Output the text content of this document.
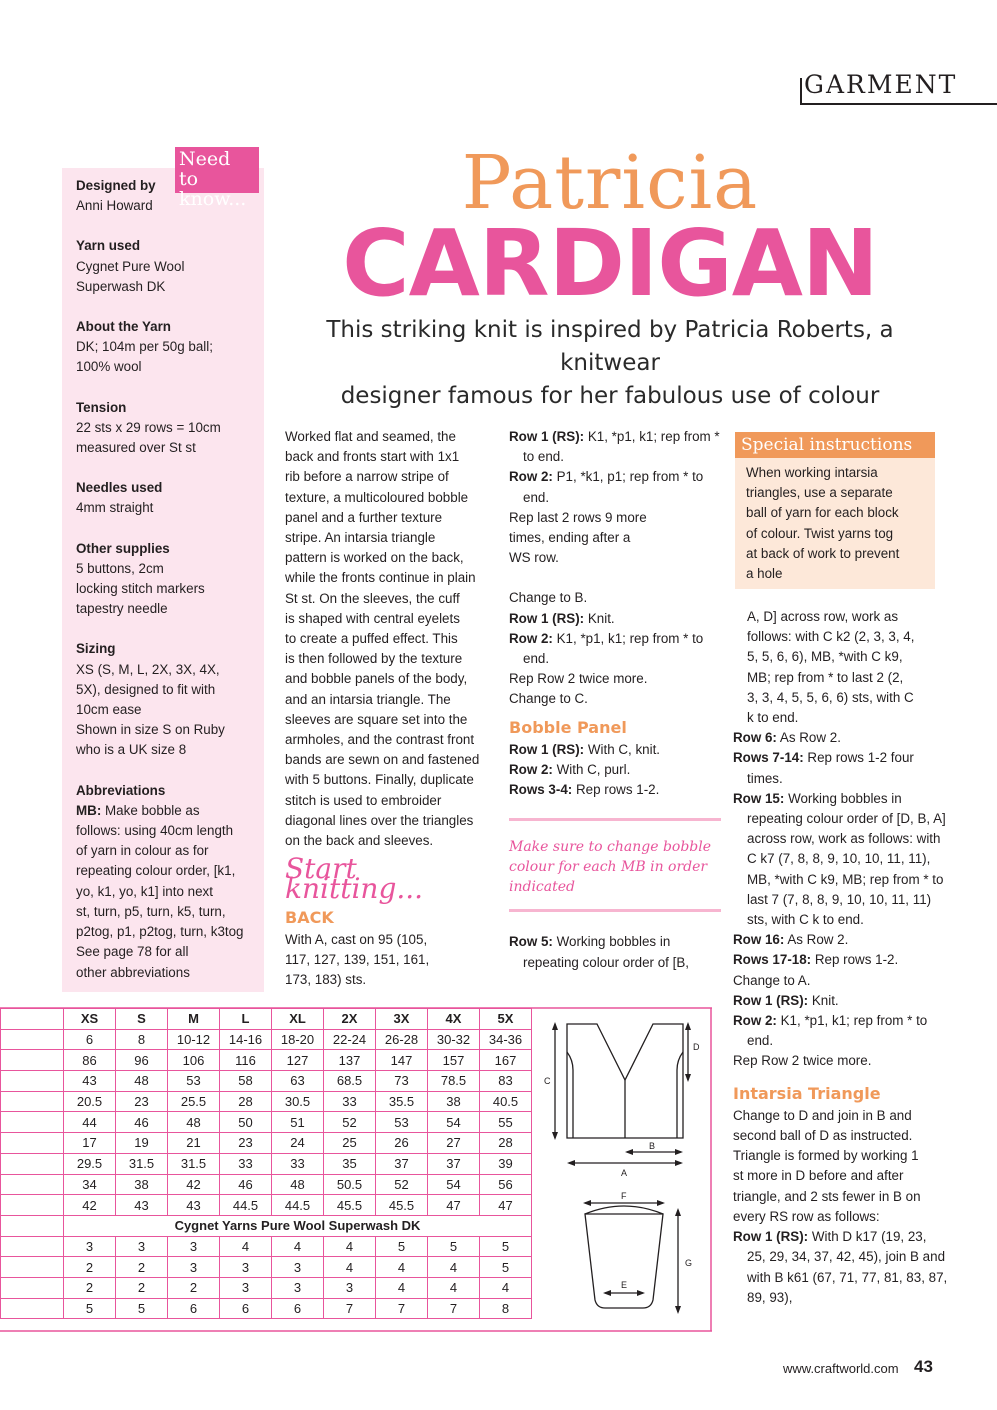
GARMENT
Patricia
CARDIGAN
This striking knit is inspired by Patricia Roberts, a knitwear
designer famous for her fabulous use of colour
Need to
know...
Designed by
Anni Howard
Yarn used
Cygnet Pure Wool
Superwash DK
About the Yarn
DK; 104m per 50g ball;
100% wool
Tension
22 sts x 29 rows = 10cm
measured over St st
Needles used
4mm straight
Other supplies
5 buttons, 2cm
locking stitch markers
tapestry needle
Sizing
XS (S, M, L, 2X, 3X, 4X,
5X), designed to fit with
10cm ease
Shown in size S on Ruby
who is a UK size 8
Abbreviations
MB: Make bobble as
follows: using 40cm length
of yarn in colour as for
repeating colour order, [k1,
yo, k1, yo, k1] into next
st, turn, p5, turn, k5, turn,
p2tog, p1, p2tog, turn, k3tog
See page 78 for all
other abbreviations
Worked flat and seamed, the
back and fronts start with 1x1
rib before a narrow stripe of
texture, a multicoloured bobble
panel and a further texture
stripe. An intarsia triangle
pattern is worked on the back,
while the fronts continue in plain
St st. On the sleeves, the cuff
is shaped with central eyelets
to create a puffed effect. This
is then followed by the texture
and bobble panels of the body,
and an intarsia triangle. The
sleeves are square set into the
armholes, and the contrast front
bands are sewn on and fastened
with 5 buttons. Finally, duplicate
stitch is used to embroider
diagonal lines over the triangles
on the back and sleeves.
Start knitting...
BACK
With A, cast on 95 (105,
117, 127, 139, 151, 161,
173, 183) sts.
Row 1 (RS): K1, *p1, k1; rep from * to end.
Row 2: P1, *k1, p1; rep from * to end.
Rep last 2 rows 9 more
times, ending after a
WS row.
Change to B.
Row 1 (RS): Knit.
Row 2: K1, *p1, k1; rep from * to end.
Rep Row 2 twice more.
Change to C.
Bobble Panel
Row 1 (RS): With C, knit.
Row 2: With C, purl.
Rows 3-4: Rep rows 1-2.
Make sure to change bobble
colour for each MB in order
indicated
Row 5: Working bobbles in repeating colour order of [B,
Special instructions
When working intarsia
triangles, use a separate
ball of yarn for each block
of colour. Twist yarns tog
at back of work to prevent
a hole
A, D] across row, work as
follows: with C k2 (2, 3, 3, 4,
5, 5, 6, 6), MB, *with C k9,
MB; rep from * to last 2 (2,
3, 3, 4, 5, 5, 6, 6) sts, with C
k to end.
Row 6: As Row 2.
Rows 7-14: Rep rows 1-2 four times.
Row 15: Working bobbles in repeating colour order of [D, B, A] across row, work as follows: with C k7 (7, 8, 8, 9, 10, 10, 11, 11), MB, *with C k9, MB; rep from * to last 7 (7, 8, 8, 9, 10, 10, 11, 11) sts, with C k to end.
Row 16: As Row 2.
Rows 17-18: Rep rows 1-2.
Change to A.
Row 1 (RS): Knit.
Row 2: K1, *p1, k1; rep from * to end.
Rep Row 2 twice more.
Intarsia Triangle
Change to D and join in B and
second ball of D as instructed.
Triangle is formed by working 1
st more in D before and after
triangle, and 2 sts fewer in B on
every RS row as follows:
Row 1 (RS): With D k17 (19, 23, 25, 29, 34, 37, 42, 45), join B and with B k61 (67, 71, 77, 81, 83, 87, 89, 93),
	XS	S	M	L	XL	2X	3X	4X	5X
	6	8	10-12	14-16	18-20	22-24	26-28	30-32	34-36
	86	96	106	116	127	137	147	157	167
	43	48	53	58	63	68.5	73	78.5	83
	20.5	23	25.5	28	30.5	33	35.5	38	40.5
	44	46	48	50	51	52	53	54	55
	17	19	21	23	24	25	26	27	28
	29.5	31.5	31.5	33	33	35	37	37	39
	34	38	42	46	48	50.5	52	54	56
	42	43	43	44.5	44.5	45.5	45.5	47	47
	Cygnet Yarns Pure Wool Superwash DK								
	3	3	3	4	4	4	5	5	5
	2	2	3	3	3	4	4	4	5
	2	2	2	3	3	3	4	4	4
	5	5	6	6	6	7	7	7	8
C
D
A
B
F
E
G
www.craftworld.com 43
